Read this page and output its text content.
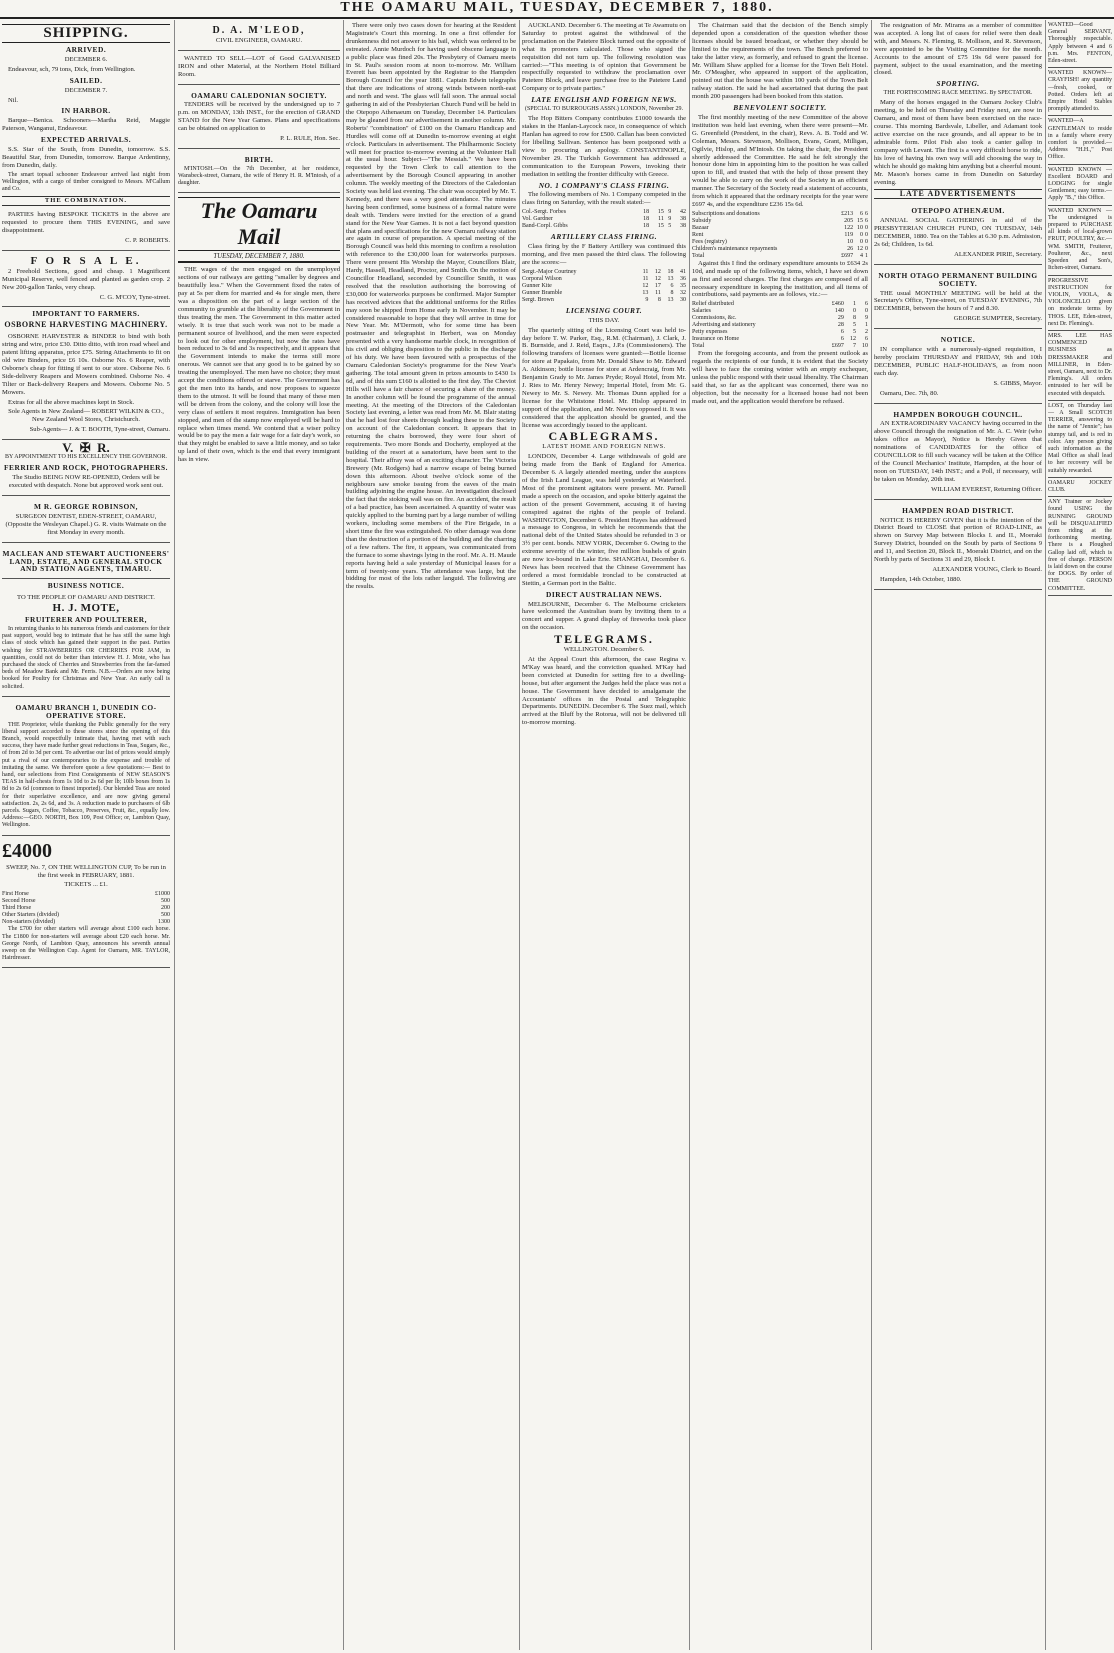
THE OAMARU MAIL, TUESDAY, DECEMBER 7, 1880.
SHIPPING.

ARRIVED.

DECEMBER 6.

Endeavour, sch, 79 tons, Dick, from Wellington.

SAILED.

DECEMBER 7.

Nil.

IN HARBOR.

Barque—Benica. Schooners—Martha Reid, Maggie Paterson, Wanganui, Endeavour.

EXPECTED ARRIVALS.

S.S. Star of the South, from Dunedin, tomorrow. S.S. Beautiful Star, from Dunedin, tomorrow. Barque Ardentinny, from Dunedin, daily.

The smart topsail schooner Endeavour arrived last night from Wellington, with a cargo of timber consigned to Messrs. M'Callum and Co.

THE COMBINATION.

PARTIES having BESPOKE TICKETS in the above are requested to procure them THIS EVENING, and save disappointment.

C. P. ROBERTS.

F O R S A L E.

2 Freehold Sections, good and cheap. 1 Magnificent Municipal Reserve, well fenced and planted as garden crop. 2 New 200-gallon Tanks, very cheap.

C. G. M'COY, Tyne-street.

IMPORTANT TO FARMERS.

OSBORNE HARVESTING MACHINERY.

OSBORNE HARVESTER & BINDER to bind with both string and wire, price £30. Ditto ditto, with iron road wheel and patent lifting apparatus, price £75. String Attachments to fit on old wire Binders, price £6 10s. Osborne No. 6 Reaper, with Osborne's cheap for fitting if sent to our store. Osborne No. 6 Side-delivery Reapers and Mowers combined. Osborne No. 4 Tilter or Back-delivery Reapers and Mowers. Osborne No. 5 Mowers.

Extras for all the above machines kept in Stock.

Sole Agents in New Zealand— ROBERT WILKIN & CO., New Zealand Wool Stores, Christchurch.

Sub-Agents— J. & T. BOOTH, Tyne-street, Oamaru.

V.  ✠  R.

BY APPOINTMENT TO HIS EXCELLENCY THE GOVERNOR.

FERRIER AND ROCK, PHOTOGRAPHERS.

The Studio BEING NOW RE-OPENED, Orders will be executed with despatch. None but approved work sent out.

M R. GEORGE ROBINSON,

SURGEON DENTIST, EDEN-STREET, OAMARU, (Opposite the Wesleyan Chapel.) G. R. visits Waimate on the first Monday in every month.

MACLEAN AND STEWART AUCTIONEERS' LAND, ESTATE, AND GENERAL STOCK AND STATION AGENTS, TIMARU.

BUSINESS NOTICE.

TO THE PEOPLE OF OAMARU AND DISTRICT.

H. J. MOTE,

FRUITERER AND POULTERER,

In returning thanks to his numerous friends and customers for their past support, would beg to intimate that he has still the same high class of stock which has gained their support in the past. Parties wishing for STRAWBERRIES OR CHERRIES FOR JAM, in quantities, could not do better than interview H. J. Mote, who has purchased the stock of Cherries and Strawberries from the far-famed beds of Meadow Bank and Mr. Ferris. N.B.—Orders are now being booked for Poultry for Christmas and New Year. An early call is solicited.

OAMARU BRANCH 1, DUNEDIN CO-OPERATIVE STORE.

THE Proprietor, while thanking the Public generally for the very liberal support accorded to these stores since the opening of this Branch, would respectfully intimate that, having met with such success, they have made further great reductions in Teas, Sugars, &c., of from 2d to 3d per cent. To advertise our list of prices would simply put a rival of our contemporaries to the expense and trouble of imitating the same. We therefore quote a few quotations:— Best to hand, our selections from First Consignments of NEW SEASON'S TEAS in half-chests from 1s 10d to 2s 6d per lb; 10lb boxes from 1s 8d to 2s 6d (common to finest imported). Our blended Teas are noted for their superlative excellence, and are now giving general satisfaction. 2s, 2s 6d, and 3s. A reduction made to purchasers of 6lb parcels. Sugars, Coffee, Tobacco, Preserves, Fruit, &c., equally low. Address:—GEO. NORTH, Box 109, Post Office; or, Lambton Quay, Wellington.

£4000

SWEEP, No. 7, ON THE WELLINGTON CUP, To be run in the first week in FEBRUARY, 1881.

TICKETS ... £1.

First Horse	£1000
Second Horse	500
Third Horse	200
Other Starters (divided)	500
Non-starters (divided)	1300

The £700 for other starters will average about £100 each horse. The £1800 for non-starters will average about £20 each horse. Mr. George North, of Lambton Quay, announces his seventh annual sweep on the Wellington Cup. Agent for Oamaru, MR. TAYLOR, Hairdresser.

D. A. M'LEOD,

CIVIL ENGINEER, OAMARU.

WANTED TO SELL—LOT of Good GALVANISED IRON and other Material, at the Northern Hotel Billiard Room.

OAMARU CALEDONIAN SOCIETY.

TENDERS will be received by the undersigned up to 7 p.m. on MONDAY, 13th INST., for the erection of GRAND STAND for the New Year Games. Plans and specifications can be obtained on application to

P. L. RULE, Hon. Sec.

BIRTH.

M'INTOSH.—On the 7th December, at her residence, Wansbeck-street, Oamaru, the wife of Henry H. R. M'Intosh, of a daughter.

The Oamaru Mail
TUESDAY, DECEMBER 7, 1880.

THE wages of the men engaged on the unemployed sections of our railways are getting "smaller by degrees and beautifully less." When the Government fixed the rates of pay at 5s per diem for married and 4s for single men, there was a disposition on the part of a large section of the community to grumble at the liberality of the Government in thus treating the men. The Government in this matter acted wisely. It is true that such work was not to be made a permanent source of livelihood, and the men were expected to look out for other employment, but now the rates have been reduced to 3s 6d and 3s respectively, and it appears that the Government intends to make the terms still more onerous. We cannot see that any good is to be gained by so treating the unemployed. The men have no choice; they must accept the conditions offered or starve. The Government has got the men into its hands, and now proposes to squeeze them to the utmost. It will be found that many of these men will be driven from the colony, and the colony will lose the very class of settlers it most requires. Immigration has been stopped, and men of the stamp now employed will be hard to replace when times mend. We contend that a wiser policy would be to pay the men a fair wage for a fair day's work, so that they might be enabled to save a little money, and so take up land of their own, which is the end that every immigrant has in view.

There were only two cases down for hearing at the Resident Magistrate's Court this morning. In one a first offender for drunkenness did not answer to his bail, which was ordered to be estreated. Annie Murdoch for having used obscene language in a public place was fined 20s. The Presbytery of Oamaru meets in St. Paul's session room at noon to-morrow. Mr. William Everett has been appointed by the Registrar to the Hampden Borough Council for the year 1881. Captain Edwin telegraphs that there are indications of strong winds between north-east and north and west. The glass will fall soon. The annual social gathering in aid of the Presbyterian Church Fund will be held in the Otepopo Athenaeum on Tuesday, December 14. Particulars may be gleaned from our advertisement in another column. Mr. Roberts' "combination" of £100 on the Oamaru Handicap and Hurdles will come off at Dunedin to-morrow evening at eight o'clock. Particulars in advertisement. The Philharmonic Society will meet for practice to-morrow evening at the Volunteer Hall at the usual hour. Subject—"The Messiah." We have been requested by the Town Clerk to call attention to the advertisement by the Borough Council appearing in another column. The weekly meeting of the Directors of the Caledonian Society was held last evening. The chair was occupied by Mr. T. Kennedy, and there was a very good attendance. The minutes having been confirmed, some business of a formal nature were dealt with. Tenders were invited for the erection of a grand stand for the New Year Games. It is not a fact beyond question that plans and specifications for the new Oamaru railway station are again in course of preparation. A special meeting of the Borough Council was held this morning to confirm a resolution with reference to the £30,000 loan for waterworks purposes. There were present His Worship the Mayor, Councillors Blair, Hardy, Hassell, Headland, Proctor, and Smith. On the motion of Councillor Headland, seconded by Councillor Smith, it was resolved that the resolution authorising the borrowing of £30,000 for waterworks purposes be confirmed. Major Sumpter has received advices that the additional uniforms for the Rifles may soon be shipped from Home early in November. It may be considered reasonable to hope that they will arrive in time for New Year. Mr. M'Dermott, who for some time has been postmaster and telegraphist in Herbert, was on Monday presented with a very handsome marble clock, in recognition of his civil and obliging disposition to the public in the discharge of his duty. We have been favoured with a prospectus of the Oamaru Caledonian Society's programme for the New Year's gathering. The total amount given in prizes amounts to £430 1s 6d, and of this sum £160 is allotted to the first day. The Cheviot Hills will have a fair chance of securing a share of the money. In another column will be found the programme of the annual meeting. At the meeting of the Directors of the Caledonian Society last evening, a letter was read from Mr. M. Blair stating that he had lost four sheets through leading these to the Society on account of the Caledonian concert. It appears that in returning the chairs borrowed, they were four short of requirements. Two more Bonds and Docherty, employed at the building of the resort at a sanatorium, have been sent to the hospital. Their affray was of an exciting character. The Victoria Brewery (Mr. Rodgers) had a narrow escape of being burned down this afternoon. About twelve o'clock some of the neighbours saw smoke issuing from the eaves of the main building adjoining the engine house. An investigation disclosed the fact that the stoking wall was on fire. An accident, the result of a bad practice, has been ascertained. A quantity of water was quickly applied to the burning part by a large number of willing workers, including some members of the Fire Brigade, in a short time the fire was extinguished. No other damage was done than the destruction of a portion of the building and the charring of a few rafters. The fire, it appears, was communicated from the furnace to some shavings lying in the roof. Mr. A. H. Maude reports having held a sale yesterday of Municipal leases for a term of twenty-one years. The attendance was large, but the bidding for most of the lots rather languid. The following are the results.

AUCKLAND. December 6. The meeting at Te Awamutu on Saturday to protest against the withdrawal of the proclamation on the Patetere Block turned out the opposite of what its promoters calculated. Those who signed the requisition did not turn up. The following resolution was carried:—"This meeting is of opinion that Government be respectfully requested to withdraw the proclamation over Patetere Block, and leave purchase free to the Patetere Land Company or to private parties."

LATE ENGLISH AND FOREIGN NEWS.

(SPECIAL TO BURROUGHS ASSN.) LONDON, November 29.

The Hop Bitters Company contributes £1000 towards the stakes in the Hanlan-Laycock race, in consequence of which Hanlan has agreed to row for £500. Callan has been convicted for libelling Sullivan. Sentence has been postponed with a view to procuring an apology. CONSTANTINOPLE, November 29. The Turkish Government has addressed a communication to the European Powers, invoking their mediation in settling the frontier difficulty with Greece.

NO. 1 COMPANY'S CLASS FIRING.

The following members of No. 1 Company competed in the class firing on Saturday, with the result stated:—

Col.-Sergt. Forbes	18	15	9	42
Vol. Gardner	18	11	9	38
Band-Corpl. Gibbs	18	15	5	38

ARTILLERY CLASS FIRING.

Class firing by the F Battery Artillery was continued this morning, and five men passed the third class. The following are the scores:—

Sergt.-Major Courtney	11	12	18	41
Corporal Wilson	11	12	13	36
Gunner Kite	12	17	6	35
Gunner Bramble	13	11	8	32
Sergt. Brown	9	8	13	30

LICENSING COURT.

THIS DAY.

The quarterly sitting of the Licensing Court was held to-day before T. W. Parker, Esq., R.M. (Chairman), J. Clark, J. B. Burnside, and J. Reid, Esqrs., J.P.s (Commissioners). The following transfers of licenses were granted:—Bottle license for store at Papakaio, from Mr. Donald Shaw to Mr. Edward A. Atkinson; bottle license for store at Ardencraig, from Mr. Benjamin Grady to Mr. James Pryde; Royal Hotel, from Mr. J. Ries to Mr. Henry Newey; Imperial Hotel, from Mr. G. Newey to Mr. S. Newey. Mr. Thomas Dunn applied for a license for the Whitstone Hotel. Mr. Hislop appeared in support of the application, and Mr. Newton opposed it. It was considered that the application should be granted, and the license was accordingly issued to the applicant.

CABLEGRAMS.
LATEST HOME AND FOREIGN NEWS.

LONDON, December 4. Large withdrawals of gold are being made from the Bank of England for America. December 6. A largely attended meeting, under the auspices of the Irish Land League, was held yesterday at Waterford. Most of the prominent agitators were present. Mr. Parnell made a speech on the occasion, and spoke bitterly against the action of the present Government, accusing it of having conspired against the rights of the people of Ireland. WASHINGTON, December 6. President Hayes has addressed a message to Congress, in which he recommends that the national debt of the United States should be refunded in 3 or 3½ per cent. bonds. NEW YORK, December 6. Owing to the extreme severity of the winter, five million bushels of grain are now ice-bound in Lake Erie. SHANGHAI, December 6. News has been received that the Chinese Government has ordered a most formidable ironclad to be constructed at Stettin, a German port in the Baltic.

DIRECT AUSTRALIAN NEWS.

MELBOURNE, December 6. The Melbourne cricketers have welcomed the Australian team by inviting them to a concert and supper. A grand display of fireworks took place on the occasion.

TELEGRAMS.

WELLINGTON. December 6.

At the Appeal Court this afternoon, the case Regina v. M'Kay was heard, and the conviction quashed. M'Kay had been convicted at Dunedin for setting fire to a dwelling-house, but after argument the Judges held the place was not a house. The Government have decided to amalgamate the Accountants' offices in the Postal and Telegraphic Departments. DUNEDIN. December 6. The Suez mail, which arrived at the Bluff by the Rotorua, will not be delivered till to-morrow morning.

The Chairman said that the decision of the Bench simply depended upon a consideration of the question whether those licenses should be issued broadcast, or whether they should be limited to the requirements of the town. The Bench preferred to take the latter view, as formerly, and refused to grant the license. Mr. William Shaw applied for a license for the Town Belt Hotel. Mr. O'Meagher, who appeared in support of the application, pointed out that the house was within 100 yards of the Town Belt railway station. He said he had ascertained that during the past month 200 passengers had been booked from this station.

BENEVOLENT SOCIETY.

The first monthly meeting of the new Committee of the above institution was held last evening, when there were present—Mr. G. Greenfield (President, in the chair), Revs. A. B. Todd and W. Coleman, Messrs. Stevenson, Mollison, Evans, Grant, Milligan, Ogilvie, Hislop, and M'Intosh. On taking the chair, the President shortly addressed the Committee. He said he felt strongly the honour done him in appointing him to the position he was called upon to fill, and trusted that with the help of those present they would be able to carry on the work of the Society in an efficient manner. The Secretary of the Society read a statement of accounts, from which it appeared that the ordinary receipts for the year were £697 4s, and the expenditure £236 15s 6d.

Subscriptions and donations	£213	6	6
Subsidy	205	15	6
Bazaar	122	10	0
Rent	119	0	0
Fees (registry)	10	0	0
Children's maintenance repayments	26	12	0
Total	£697	4	1

Against this I find the ordinary expenditure amounts to £634 2s 10d, and made up of the following items, which, I have set down as first and second charges. The first charges are composed of all necessary expenditure in keeping the institution, and all items of contributions, said payments are as follows, viz.:—

Relief distributed	£460	1	6
Salaries	140	0	0
Commissions, &c.	29	8	9
Advertising and stationery	28	5	1
Petty expenses	6	5	2
Insurance on Home	6	12	6
Total	£697	7	10

From the foregoing accounts, and from the present outlook as regards the recipients of our funds, it is evident that the Society will have to face the coming winter with an empty exchequer, unless the public respond with their usual liberality. The Chairman said that, so far as the applicant was concerned, there was no objection, but the necessity for a licensed house had not been made out, and the application would therefore be refused.

The resignation of Mr. Mirams as a member of committee was accepted. A long list of cases for relief were then dealt with, and Messrs. N. Fleming, R. Mollison, and R. Stevenson, were appointed to be the Visiting Committee for the month. Accounts to the amount of £75 19s 6d were passed for payment, subject to the usual examination, and the meeting closed.

SPORTING.

THE FORTHCOMING RACE MEETING. By SPECTATOR.

Many of the horses engaged in the Oamaru Jockey Club's meeting, to be held on Thursday and Friday next, are now in Oamaru, and most of them have been exercised on the race-course. This morning Bardsvale, Libeller, and Adamant took active exercise on the race grounds, and all appear to be in admirable form. Pilot Fish also took a canter gallop in company with Levant. The first is a very difficult horse to ride, his love of having his own way will add choosing the way in which he should go making him anything but a cheerful mount. Mr. Mason's horses came in from Dunedin on Saturday evening.

LATE ADVERTISEMENTS

OTEPOPO ATHENÆUM.

ANNUAL SOCIAL GATHERING in aid of the PRESBYTERIAN CHURCH FUND, ON TUESDAY, 14th DECEMBER, 1880. Tea on the Tables at 6.30 p.m. Admission, 2s 6d; Children, 1s 6d.

ALEXANDER PIRIE, Secretary.

NORTH OTAGO PERMANENT BUILDING SOCIETY.

THE usual MONTHLY MEETING will be held at the Secretary's Office, Tyne-street, on TUESDAY EVENING, 7th DECEMBER, between the hours of 7 and 8.30.

GEORGE SUMPTER, Secretary.

NOTICE.

IN compliance with a numerously-signed requisition, I hereby proclaim THURSDAY and FRIDAY, 9th and 10th DECEMBER, PUBLIC HALF-HOLIDAYS, as from noon each day.

S. GIBBS, Mayor.

Oamaru, Dec. 7th, 80.

HAMPDEN BOROUGH COUNCIL.

AN EXTRAORDINARY VACANCY having occurred in the above Council through the resignation of Mr. A. C. Weir (who takes office as Mayor), Notice is Hereby Given that nominations of CANDIDATES for the office of COUNCILLOR to fill such vacancy will be taken at the Office of the Council Mechanics' Institute, Hampden, at the hour of noon on TUESDAY, 14th INST.; and a Poll, if necessary, will be taken on Monday, 20th inst.

WILLIAM EVEREST, Returning Officer.

HAMPDEN ROAD DISTRICT.

NOTICE IS HEREBY GIVEN that it is the intention of the District Board to CLOSE that portion of ROAD-LINE, as shown on Survey Map between Blocks I. and II., Moeraki Survey District, bounded on the South by parts of Sections 9 and 11, and Section 20, Block II., Moeraki District, and on the North by parts of Sections 31 and 29, Block I.

ALEXANDER YOUNG, Clerk to Board.

Hampden, 14th October, 1880.

WANTED—Good General SERVANT, Thoroughly respectable. Apply between 4 and 6 p.m. Mrs. FENTON, Eden-street.

WANTED KNOWN—CRAYFISH! any quantity—fresh, cooked, or Potted. Orders left at Empire Hotel Stables promptly attended to.

WANTED—A GENTLEMAN to reside in a family where every comfort is provided.—Address "H.H.," Post Office.

WANTED KNOWN — Excellent BOARD and LODGING for single Gentlemen; easy terms.—Apply "B.," this Office.

WANTED KNOWN — The undersigned is prepared to PURCHASE all kinds of local-grown FRUIT, POULTRY, &c.—WM. SMITH, Fruiterer, Poulterer, &c., next Speeden and Son's, Itchen-street, Oamaru.

PROGRESSIVE INSTRUCTION for VIOLIN, VIOLA, & VIOLONCELLO given on moderate terms by THOS. LEE, Eden-street, next Dr. Fleming's.

MRS. LEE HAS COMMENCED BUSINESS as DRESSMAKER and MILLINER, in Eden-street, Oamaru, next to Dr. Fleming's. All orders entrusted to her will be executed with despatch.

LOST, on Thursday last — A Small SCOTCH TERRIER, answering to the name of "Jennie"; has stumpy tail, and is red in color. Any person giving such information as the Mail Office as shall lead to her recovery will be suitably rewarded.

OAMARU JOCKEY CLUB.

ANY Trainer or Jockey found USING the RUNNING GROUND will be DISQUALIFIED from riding at the forthcoming meeting. There is a Ploughed Gallop laid off, which is free of charge. PERSON is laid down on the course for DOGS. By order of THE GROUND COMMITTEE.
